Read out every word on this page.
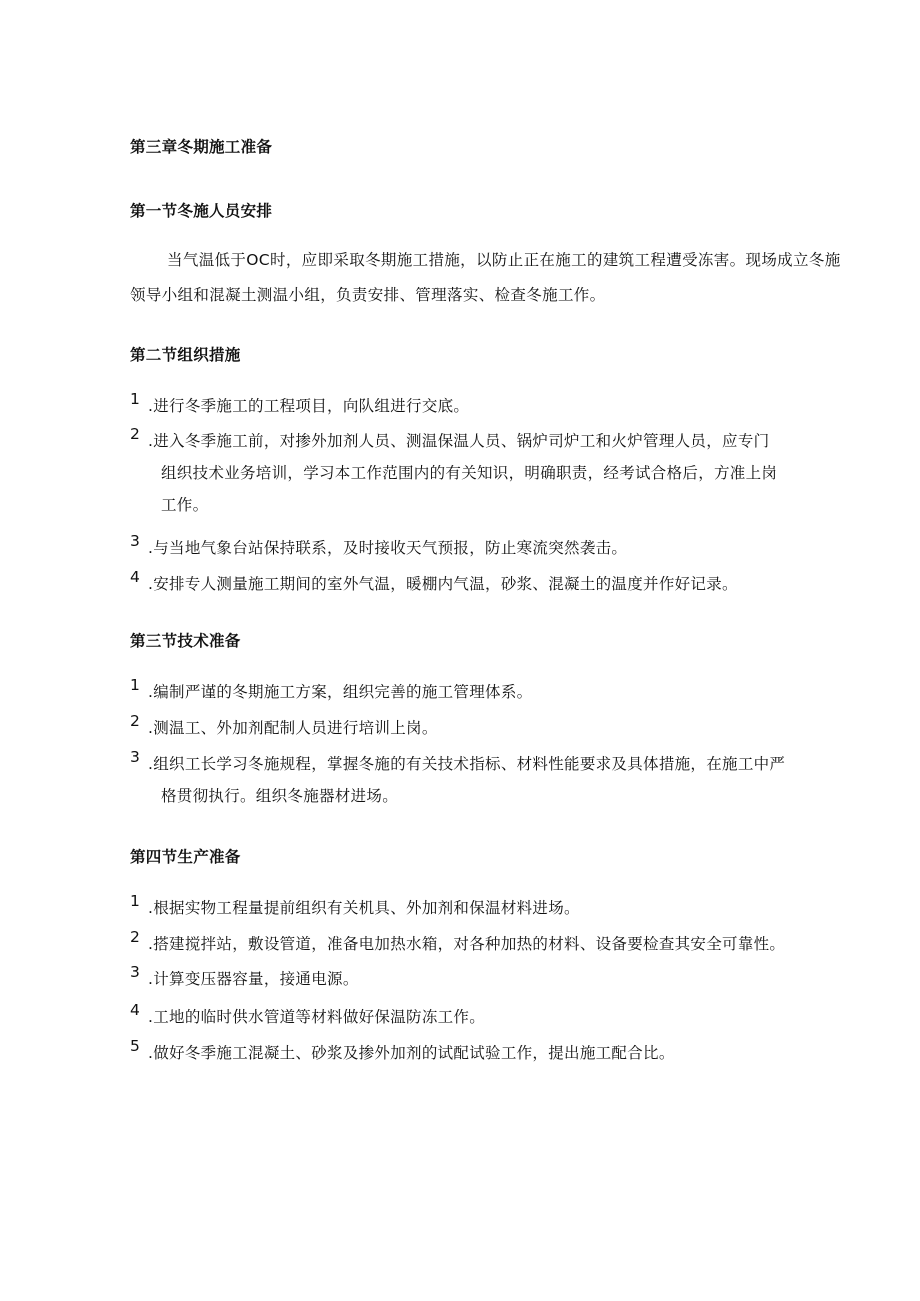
第三章冬期施工准备
第一节冬施人员安排
当气温低于OC时，应即采取冬期施工措施，以防止正在施工的建筑工程遭受冻害。现场成立冬施领导小组和混凝土测温小组，负责安排、管理落实、检查冬施工作。
第二节组织措施
1 .进行冬季施工的工程项目，向队组进行交底。
2 .进入冬季施工前，对掺外加剂人员、测温保温人员、锅炉司炉工和火炉管理人员，应专门
组织技术业务培训，学习本工作范围内的有关知识，明确职责，经考试合格后，方准上岗
工作。
3 .与当地气象台站保持联系，及时接收天气预报，防止寒流突然袭击。
4 .安排专人测量施工期间的室外气温，暖棚内气温，砂浆、混凝土的温度并作好记录。
第三节技术准备
1 .编制严谨的冬期施工方案，组织完善的施工管理体系。
2 .测温工、外加剂配制人员进行培训上岗。
3 .组织工长学习冬施规程，掌握冬施的有关技术指标、材料性能要求及具体措施，在施工中严
格贯彻执行。组织冬施器材进场。
第四节生产准备
1 .根据实物工程量提前组织有关机具、外加剂和保温材料进场。
2 .搭建搅拌站，敷设管道，准备电加热水箱，对各种加热的材料、设备要检查其安全可靠性。
3 .计算变压器容量，接通电源。
4 .工地的临时供水管道等材料做好保温防冻工作。
5 .做好冬季施工混凝土、砂浆及掺外加剂的试配试验工作，提出施工配合比。
